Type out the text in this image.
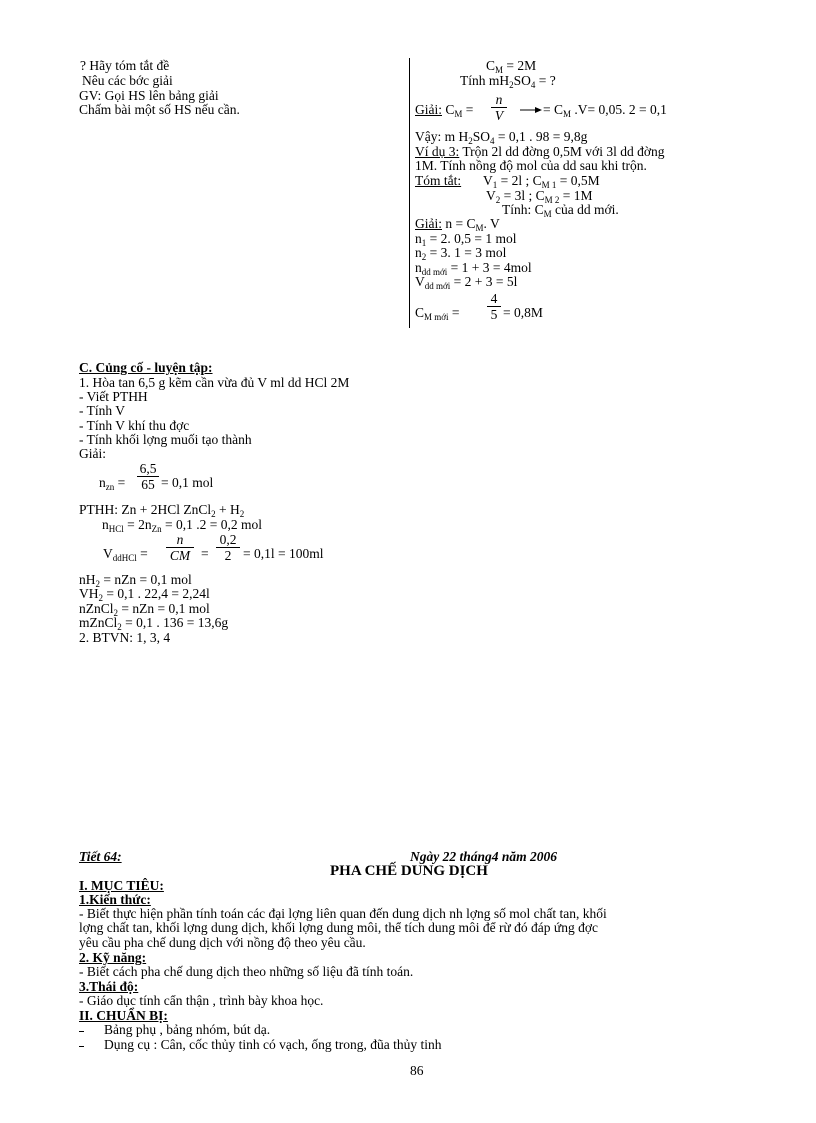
? Hãy tóm tắt đề
Nêu các bớc giải
GV: Gọi HS lên bảng giải
Chấm bài một số HS nếu cần.
$C_M = 2M$
Tính $mH_2SO_4$ = ?
Giải: $C_M = \frac{n}{V}$	= $C_M$ .V= 0,05. 2 = 0,1
Vậy: m $H_2SO_4 = 0,1$ . 98 = 9,8g
Ví dụ 3: Trộn 2l dd đờng 0,5M với 3l dd đờng
1M. Tính nồng độ mol của dd sau khi trộn.
Tóm tắt: $V_1 = 2l$ ; $C_{M 1} = 0,5M$
$V_2 = 3l$ ; $C_{M 2} = 1M$
Tính: $C_M$ của dd mới.
Giải: $n = C_M$. V
$n_1 = 2$. 0,5 = 1 mol
$n_2 = 3$. 1 = 3 mol
$n_{dd mới} = 1 + 3 = 4mol$
$V_{dd mới} = 2 + 3 = 5l$
$C_{M mới} = \frac{4}{5} = 0,8M$
C. Củng cố - luyện tập:
1. Hòa tan 6,5 g kẽm cần vừa đủ V ml dd HCl 2M
- Viết PTHH
- Tính V
- Tính V khí thu đợc
- Tính khối lợng muối tạo thành
Giải:
$n_{zn} = \frac{6,5}{65} = 0,1$ mol
PTHH: Zn + 2HCl ZnCl$_2$ + $H_2$
$n_{HCl} = 2n_{Zn} = 0,1$ .2 = 0,2 mol
$V_{ddHCl} = \frac{n}{CM} = \frac{0,2}{2} = 0,1l = 100ml$
$nH_2$ = nZn = 0,1 mol
$VH_2 = 0,1$ . 22,4 = 2,24l
nZnCl$_2$ = nZn = 0,1 mol
mZnCl$_2$ = 0,1 . 136 = 13,6g
2. BTVN: 1, 3, 4
Tiết 64:	Ngày 22 tháng4 năm 2006
PHA CHẾ DUNG DỊCH
I. MỤC TIÊU:
1.Kiến thức:
- Biết thực hiện phần tính toán các đại lợng liên quan đến dung dịch nh lợng số mol chất tan, khối
lợng chất tan, khối lợng dung dịch, khối lợng dung môi, thể tích dung môi để rừ đó đáp ứng đợc
yêu cầu pha chế dung dịch với nồng độ theo yêu cầu.
2. Kỹ năng:
- Biết cách pha chế dung dịch theo những số liệu đã tính toán.
3.Thái độ:
- Giáo dục tính cẩn thận , trình bày khoa học.
II. CHUẨN BỊ:
Bảng phụ , bảng nhóm, bút dạ.
Dụng cụ : Cân, cốc thủy tinh có vạch, ống trong, đũa thủy tinh
86
